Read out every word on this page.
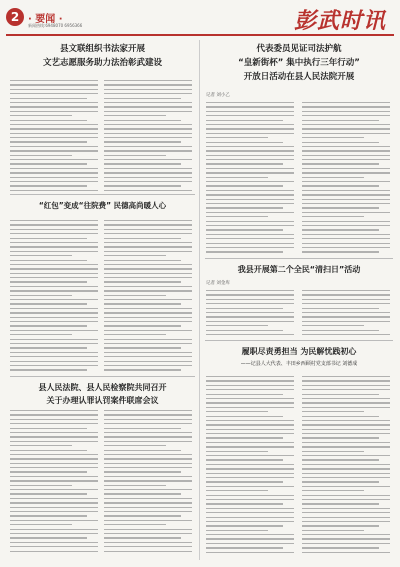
2 · 要闻 ·
新闻热线:6948070 6956366	彭武时讯
县文联组织书法家开展
文艺志愿服务助力法治彰武建设
“红包”变成“往院费” 民德高尚暖人心
县人民法院、县人民检察院共同召开
关于办理认罪认罚案件联席会议
代表委员见证司法护航
“皇新街杯” 集中执行三年行动”
开放日活动在县人民法院开展
记者 刘小乙
我县开展第二个全民“清扫日”活动
记者 刘金库
履职尽责勇担当 为民解忧践初心
——记县人大代表、丰田乡西顾村党支部书记 刘德成
